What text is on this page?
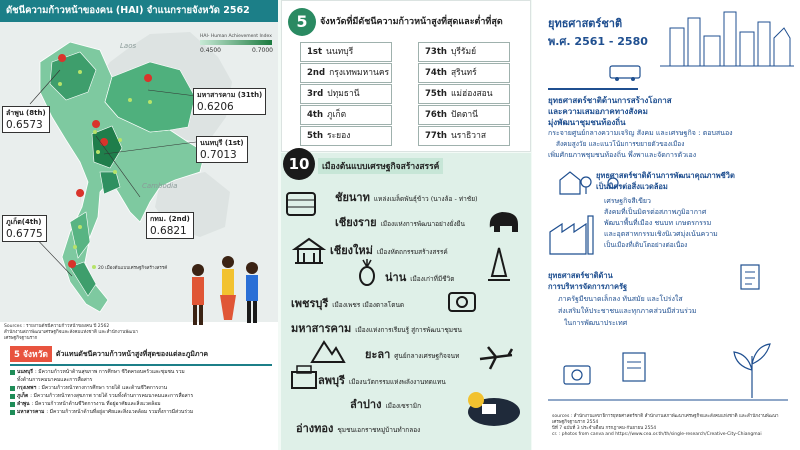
ดัชนีความก้าวหน้าของคน (HAI) จำแนกรายจังหวัด 2562
HAI- Human Achievement Index
0.4500	0.7000
Laos
Cambodia
20 เมืองต้นแบบเศรษฐกิจสร้างสรรค์
ลำพูน (8th)
0.6573
มหาสารคาม (31th)
0.6206
นนทบุรี (1st)
0.7013
ภูเก็ต(4th)
0.6775
กทม. (2nd)
0.6821
Sources : รายงานดัชนีความก้าวหน้าของคน ปี 2562
สำนักงานสภาพัฒนาเศรษฐกิจและสังคมแห่งชาติ และสำนักงานพัฒนา
เศรษฐกิจฐานราก
5 จังหวัด	ตัวแทนดัชนีความก้าวหน้าสูงที่สุดของแต่ละภูมิภาค
นนทบุรี : มีความก้าวหน้าด้านสุขภาพ การศึกษา ชีวิตครอบครัวและชุมชน รวม
ทั้งด้านการคมนาคมและการสื่อสาร
กรุงเทพฯ : มีความก้าวหน้าทางการศึกษา รายได้ และด้านชีวิตการงาน
ภูเก็ต : มีความก้าวหน้าทางสุขภาพ รายได้ รวมทั้งด้านการคมนาคมและการสื่อสาร
ลำพูน : มีความก้าวหน้าด้านชีวิตการงาน ที่อยู่อาศัยและสิ่งแวดล้อม
มหาสารคาม : มีความก้าวหน้าด้านที่อยู่อาศัยและสิ่งแวดล้อม รวมทั้งการมีส่วนร่วม
5	จังหวัดที่มีดัชนีความก้าวหน้าสูงที่สุดและต่ำที่สุด
1st นนทบุรี
2nd กรุงเทพมหานคร
3rd ปทุมธานี
4th ภูเก็ต
5th ระยอง
73th บุรีรัมย์
74th สุรินทร์
75th แม่ฮ่องสอน
76th ปัตตานี
77th นราธิวาส
10	เมืองต้นแบบเศรษฐกิจสร้างสรรค์
ชัยนาท แหล่งเมล็ดพันธุ์ข้าว (นางล้อ - ท่าชัย)
เชียงราย เมืองแห่งการพัฒนาอย่างยั่งยืน
เชียงใหม่ เมืองหัตถกรรมสร้างสรรค์
น่าน เมืองเก่าที่มีชีวิต
เพชรบุรี เมืองเพชร เมืองตาลโตนด
มหาสารคาม เมืองแห่งการเรียนรู้ สู่การพัฒนาชุมชน
ยะลา ศูนย์กลางเศรษฐกิจจนท
ลพบุรี เมืองนวัตกรรมแห่งพลังงานทดแทน
ลำปาง เมืองเซรามิก
อ่างทอง ชุมชนเอกราชหมู่บ้านทำกลอง
ยุทธศาสตร์ชาติ
พ.ศ. 2561 - 2580
ยุทธศาสตร์ชาติด้านการสร้างโอกาส
และความเสมอภาคทางสังคม
มุ่งพัฒนาชุมชนท้องถิ่น
กระจายศูนย์กลางความเจริญ สังคม และเศรษฐกิจ : ตอบสนอง
สังคมสูงวัย และแนวโน้มการขยายตัวของเมือง
เพิ่มศักยภาพชุมชนท้องถิ่น พึ่งพาและจัดการตัวเอง
ยุทธศาสตร์ชาติด้านการพัฒนาคุณภาพชีวิต
เป็นมิตรต่อสิ่งแวดล้อม
เศรษฐกิจสีเขียว
สังคมที่เป็นมิตรต่อสภาพภูมิอากาศ
พัฒนาพื้นที่เมือง ชนบท เกษตรกรรม
และอุตสาหกรรมเชิงนิเวศมุ่งเน้นความ
เป็นเมืองที่เติบโตอย่างต่อเนื่อง
ยุทธศาสตร์ชาติด้าน
การบริหารจัดการภาครัฐ
ภาครัฐมีขนาดเล็กลง ทันสมัย และโปร่งใส
ส่งเสริมให้ประชาชนและทุกภาคส่วนมีส่วนร่วม
ในการพัฒนาประเทศ
sources : สำนักงานเลขาธิการยุทธศาสตร์ชาติ สำนักงานสภาพัฒนาเศรษฐกิจและสังคมแห่งชาติ และสำนักงานพัฒนาเศรษฐกิจฐานราก 2554
ปีที่ 7 ฉบับที่ 3 ประจำเดือน กรกฎาคม-กันยายน 2554
cr. : photos from canva and https://www.cea.or.th/th/single-research/Creative-City-Chiangmai
